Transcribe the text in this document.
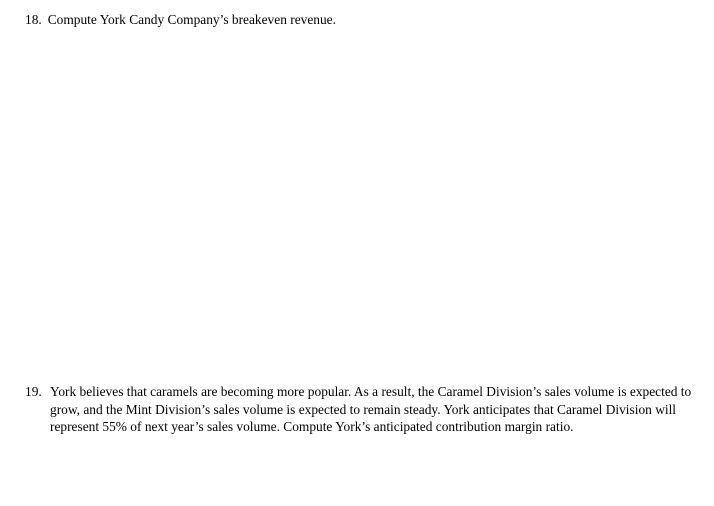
18. Compute York Candy Company’s breakeven revenue.
19. York believes that caramels are becoming more popular. As a result, the Caramel Division’s sales volume is expected to grow, and the Mint Division’s sales volume is expected to remain steady. York anticipates that Caramel Division will represent 55% of next year’s sales volume. Compute York’s anticipated contribution margin ratio.
